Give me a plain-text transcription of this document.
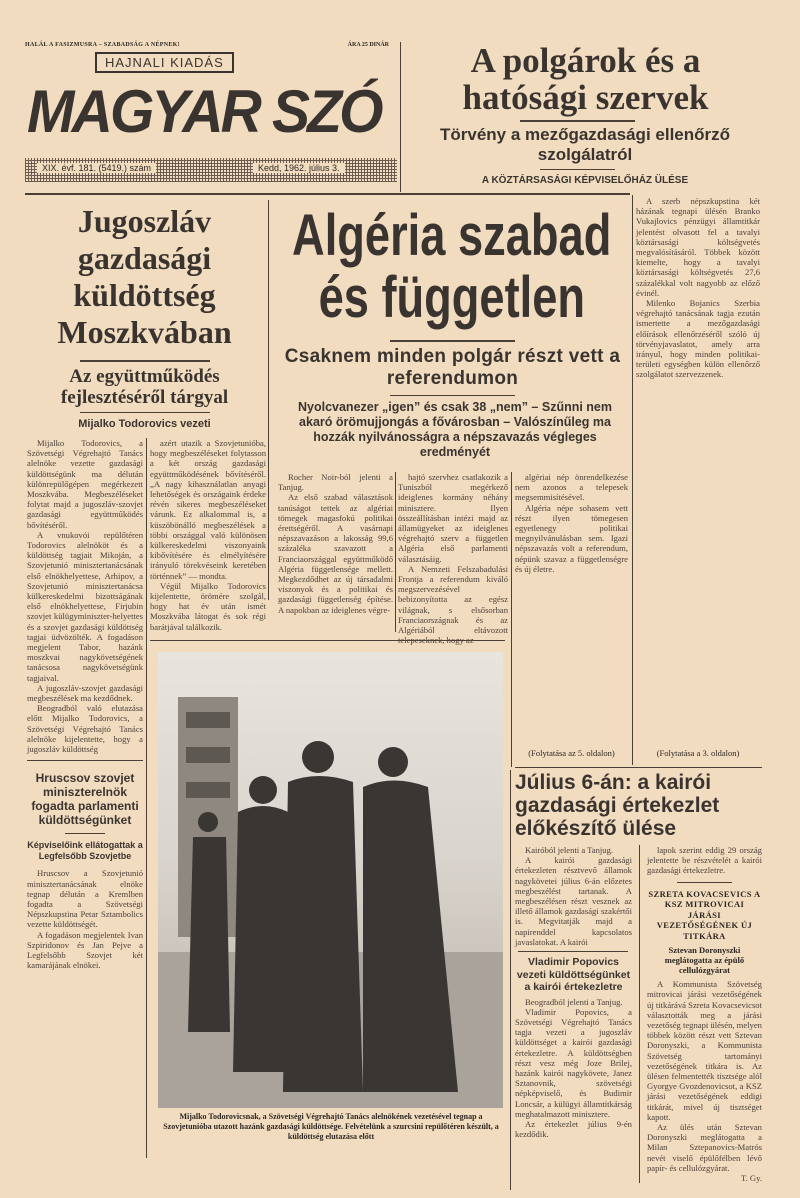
HALÁL A FASIZMUSRA – SZABADSÁG A NÉPNEK!	ÁRA 25 DINÁR
HAJNALI KIADÁS
MAGYAR SZÓ
XIX. évf. 181. (5419.) szám	Kedd, 1962. július 3.
A polgárok és a hatósági szervek
Törvény a mezőgazdasági ellenőrző szolgálatról
A KÖZTÁRSASÁGI KÉPVISELŐHÁZ ÜLÉSE
Jugoszláv gazdasági küldöttség Moszkvában
Az együttműködés fejlesztéséről tárgyal
Mijalko Todorovics vezeti

Mijalko Todorovics, a Szövetségi Végrehajtó Tanács alelnöke vezette gazdasági küldöttségünk ma délután különrepülőgépen megérkezett Moszkvába. Megbeszéléseket folytat majd a jugoszláv-szovjet gazdasági együttműködés bővítéséről.

A vnukovói repülőtéren Todorovics alelnököt és a küldöttség tagjait Mikoján, a Szovjetunió minisztertanácsának első elnökhelyettese, Arhipov, a Szovjetunió minisztertanácsa külkereskedelmi bizottságának első elnökhelyettese, Firjubin szovjet külügyminiszter-helyettes és a szovjet gazdasági küldöttség tagjai üdvözölték. A fogadáson megjelent Tabor, hazánk moszkvai nagykövetségének tanácsosa nagykövetségünk tagjaival.

A jugoszláv-szovjet gazdasági megbeszélések ma kezdődnek.

Beogradból való elutazása előtt Mijalko Todorovics, a Szövetségi Végrehajtó Tanács alelnöke kijelentette, hogy a jugoszláv küldöttség

Hruscsov szovjet miniszterelnök fogadta parlamenti küldöttségünket
Képviselőink ellátogattak a Legfelsőbb Szovjetbe

Hruscsov a Szovjetunió minisztertanácsának elnöke tegnap délután a Kremlben fogadta a Szövetségi Népszkupstina Petar Sztambolics vezette küldöttségét.

A fogadáson megjelentek Ivan Szpiridonov és Jan Pejve a Legfelsőbb Szovjet két kamarájának elnökei.

azért utazik a Szovjetunióba, hogy megbeszéléseket folytasson a két ország gazdasági együttműködésének bővítéséről. „A nagy kihasználatlan anyagi lehetőségek és országaink érdeke révén sikeres megbeszéléseket várunk. Ez alkalommal is, a küszöbönálló megbeszélések a többi országgal való különösen külkereskedelmi viszonyaink kibővítésére és elmélyítésére irányuló törekvéseink keretében történnek” — mondta.

Végül Mijalko Todorovics kijelentette, örömére szolgál, hogy hat év után ismét Moszkvába látogat és sok régi barátjával találkozik.

Algéria szabad
és független
Csaknem minden polgár részt vett a referendumon
Nyolcvanezer „igen” és csak 38 „nem” – Szűnni nem akaró örömujjongás a fővárosban – Valószínűleg ma hozzák nyilvánosságra a népszavazás végleges eredményét

Rocher Noir-ból jelenti a Tanjug.

Az első szabad választások tanúságot tettek az algériai tömegek magasfokú politikai érettségéről. A vasárnapi népszavazáson a lakosság 99,6 százaléka szavazott a Franciaországgal együttműködő Algéria függetlensége mellett. Megkezdődhet az új társadalmi viszonyok és a politikai és gazdasági függetlenség építése. A napokban az ideiglenes végre-

hajtó szervhez csatlakozik a Tuniszból megérkező ideiglenes kormány néhány minisztere. Ilyen összeállításban intézi majd az államügyeket az ideiglenes végrehajtó szerv a független Algéria első parlamenti választásáig.

A Nemzeti Felszabadulási Frontja a referendum kiváló megszervezésével bebizonyította az egész világnak, s elsősorban Franciaországnak és az Algériából eltávozott telepeseknek, hogy az

algériai nép önrendelkezése nem azonos a telepesek megsemmisítésével.

Algéria népe sohasem vett részt ilyen tömegesen egyetlenegy politikai megnyilvánulásban sem. Igazi népszavazás volt a referendum, népünk szavaz a függetlenségre és új életre.

(Folytatása az 5. oldalon)

A szerb népszkupstina két házának tegnapi ülésén Branko Vukajlovics pénzügyi államtitkár jelentést olvasott fel a tavalyi köztársasági költségvetés megvalósításáról. Többek között kiemelte, hogy a tavalyi köztársasági költségvetés 27,6 százalékkal volt nagyobb az előző évinél.

Milenko Bojanics Szerbia végrehajtó tanácsának tagja ezután ismertette a mezőgazdasági előírások ellenőrzéséről szóló új törvényjavaslatot, amely arra irányul, hogy minden politikai-területi egységben külön ellenőrző szolgálatot szervezzenek.

(Folytatása a 3. oldalon)
Mijalko Todorovicsnak, a Szövetségi Végrehajtó Tanács alelnökének vezetésével tegnap a Szovjetunióba utazott hazánk gazdasági küldöttsége. Felvételünk a szurcsini repülőtéren készült, a küldöttség elutazása előtt
Július 6-án: a kairói gazdasági értekezlet előkészítő ülése

Kairóból jelenti a Tanjug.

A kairói gazdasági értekezleten résztvevő államok nagykövetei július 6-án előzetes megbeszélést tartanak. A megbeszélésen részt vesznek az illető államok gazdasági szakértői is. Megvitatják majd a napirenddel kapcsolatos javaslatokat. A kairói

Vladimir Popovics vezeti küldöttségünket a kairói értekezletre

Beogradból jelenti a Tanjug.

Vladimir Popovics, a Szövetségi Végrehajtó Tanács tagja vezeti a jugoszláv küldöttséget a kairói gazdasági értekezletre. A küldöttségben részt vesz még Joze Brilej, hazánk kairói nagykövete, Janez Sztanovnik, szövetségi népképviselő, és Budimir Loncsár, a külügyi államtitkárság meghatalmazott minisztere.

Az értekezlet július 9-én kezdődik.

lapok szerint eddig 29 ország jelentette be részvételét a kairói gazdasági értekezletre.

SZRETA KOVACSEVICS A KSZ MITROVICAI JÁRÁSI VEZETŐSÉGÉNEK ÚJ TITKÁRA
Sztevan Doronyszki meglátogatta az épülő cellulózgyárat

A Kommunista Szövetség mitrovicai járási vezetőségének új titkárává Szreta Kovacsevicsot választották meg a járási vezetőség tegnapi ülésén, melyen többek között részt vett Sztevan Doronyszki, a Kommunista Szövetség tartományi vezetőségének titkára is. Az ülésen felmentették tisztsége alól Gyorgye Gvozdenovicsot, a KSZ járási vezetőségének eddigi titkárát, mivel új tisztséget kapott.

Az ülés után Sztevan Doronyszki meglátogatta a Milan Sztepanovics-Matrós nevét viselő épülőfélben lévő papír- és cellulózgyárat.

T. Gy.
